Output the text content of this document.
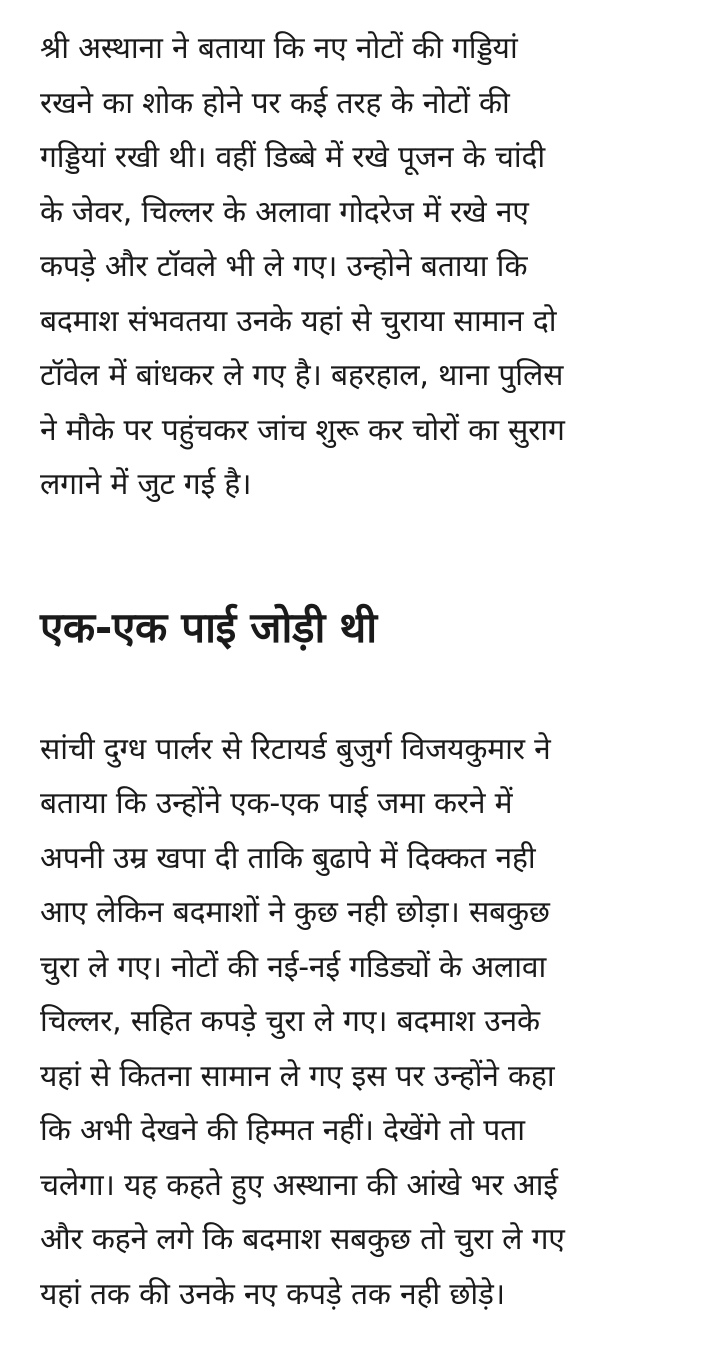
श्री अस्थाना ने बताया कि नए नोटों की गड्डियां
रखने का शोक होने पर कई तरह के नोटों की
गड्डियां रखी थी। वहीं डिब्बे में रखे पूजन के चांदी
के जेवर, चिल्लर के अलावा गोदरेज में रखे नए
कपड़े और टॉवले भी ले गए। उन्होने बताया कि
बदमाश संभवतया उनके यहां से चुराया सामान दो
टॉवेल में बांधकर ले गए है। बहरहाल, थाना पुलिस
ने मौके पर पहुंचकर जांच शुरू कर चोरों का सुराग
लगाने में जुट गई है।

एक-एक पाई जोड़ी थी

सांची दुग्ध पार्लर से रिटायर्ड बुजुर्ग विजयकुमार ने
बताया कि उन्होंने एक-एक पाई जमा करने में
अपनी उम्र खपा दी ताकि बुढापे में दिक्कत नही
आए लेकिन बदमाशों ने कुछ नही छोड़ा। सबकुछ
चुरा ले गए। नोटों की नई-नई गडिड्यों के अलावा
चिल्लर, सहित कपड़े चुरा ले गए। बदमाश उनके
यहां से कितना सामान ले गए इस पर उन्होंने कहा
कि अभी देखने की हिम्मत नहीं। देखेंगे तो पता
चलेगा। यह कहते हुए अस्थाना की आंखे भर आई
और कहने लगे कि बदमाश सबकुछ तो चुरा ले गए
यहां तक की उनके नए कपड़े तक नही छोड़े।
